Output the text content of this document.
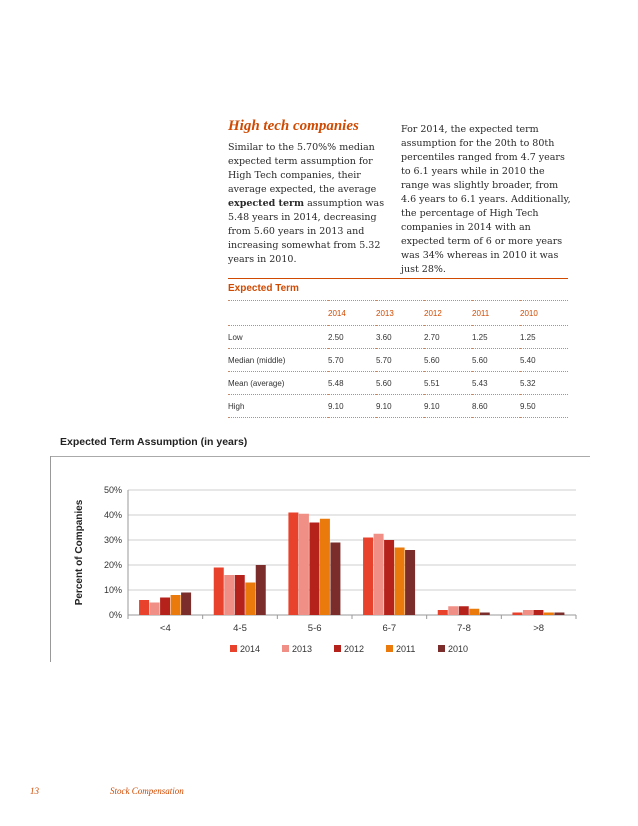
High tech companies
Similar to the 5.70%% median expected term assumption for High Tech companies, their average expected, the average expected term assumption was 5.48 years in 2014, decreasing from 5.60 years in 2013 and increasing somewhat from 5.32 years in 2010.
For 2014, the expected term assumption for the 20th to 80th percentiles ranged from 4.7 years to 6.1 years while in 2010 the range was slightly broader, from 4.6 years to 6.1 years. Additionally, the percentage of High Tech companies in 2014 with an expected term of 6 or more years was 34% whereas in 2010 it was just 28%.
Expected Term
	2014	2013	2012	2011	2010
Low	2.50	3.60	2.70	1.25	1.25
Median (middle)	5.70	5.70	5.60	5.60	5.40
Mean (average)	5.48	5.60	5.51	5.43	5.32
High	9.10	9.10	9.10	8.60	9.50
Expected Term Assumption (in years)
0%
10%
20%
30%
40%
50%
Percent of Companies
<4	4-5	5-6	6-7	7-8	>8
2014	2013	2012	2011	2010
13	Stock Compensation
